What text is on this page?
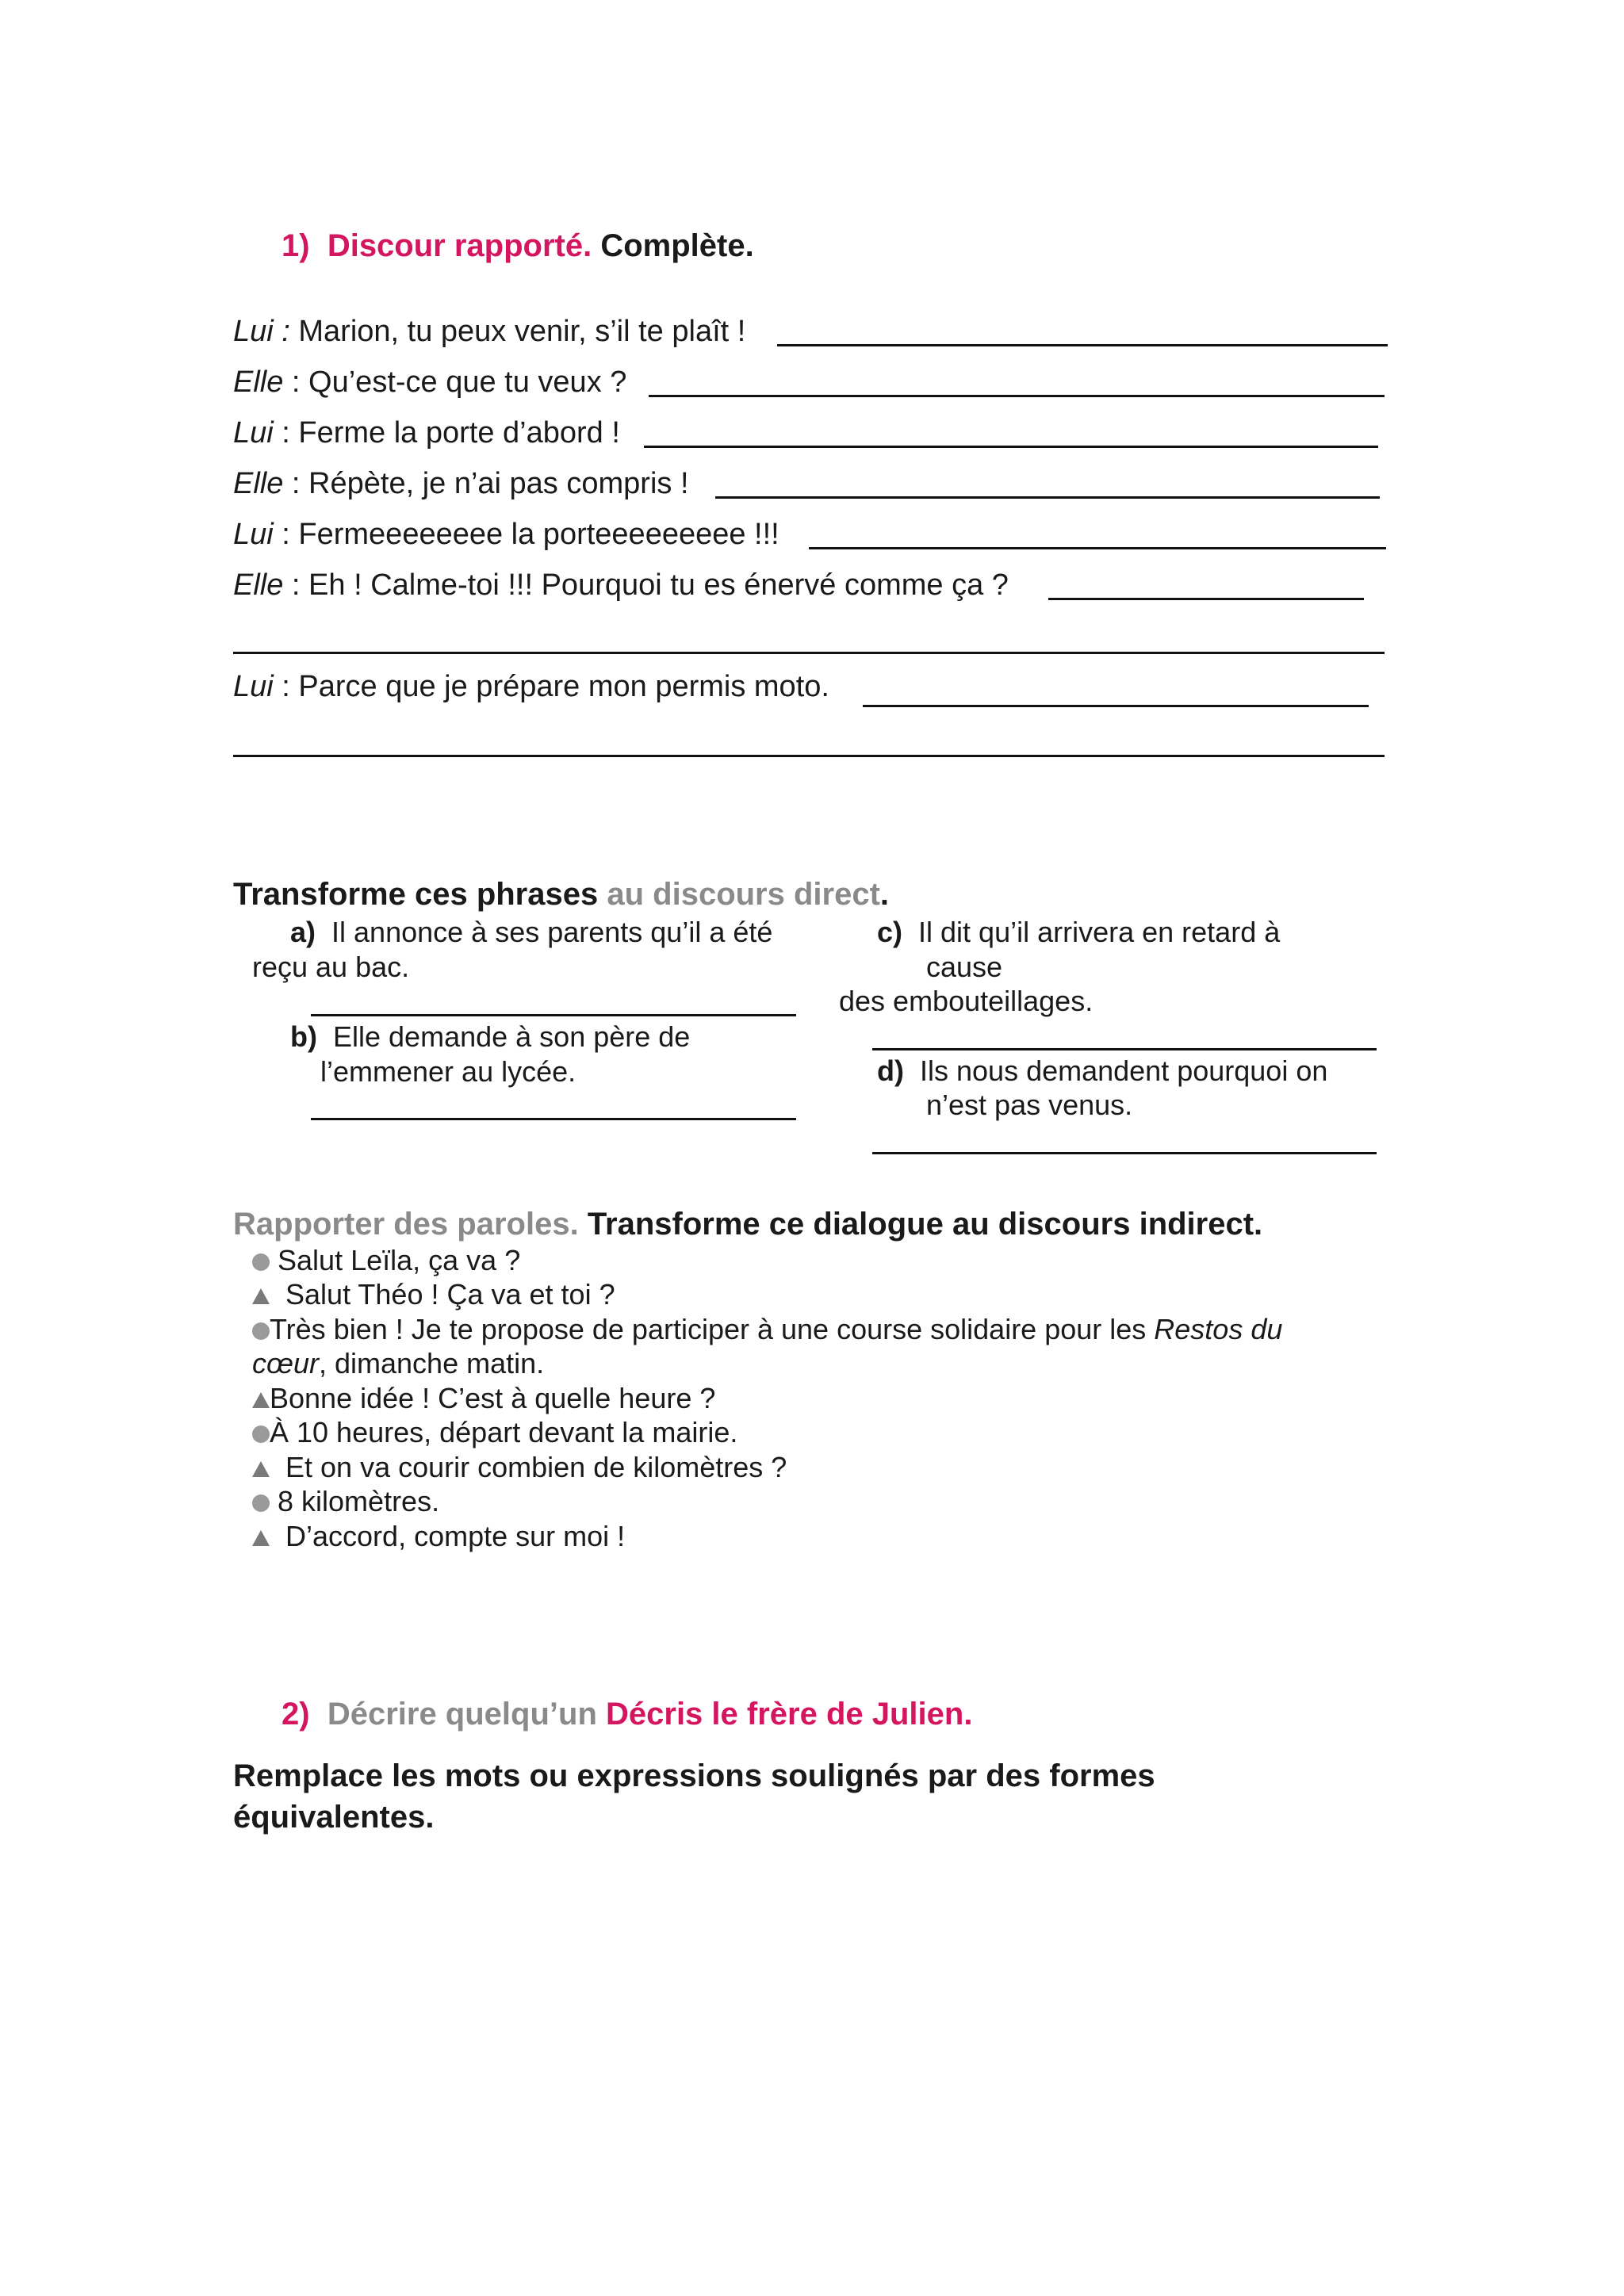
1) Discour rapporté. Complète.
Lui : Marion, tu peux venir, s’il te plaît !
Elle : Qu’est-ce que tu veux ?
Lui : Ferme la porte d’abord !
Elle : Répète, je n’ai pas compris !
Lui : Fermeeeeeeee la porteeeeeeeee !!!
Elle : Eh ! Calme-toi !!! Pourquoi tu es énervé comme ça ?
Lui : Parce que je prépare mon permis moto.
Transforme ces phrases au discours direct.
a) Il annonce à ses parents qu’il a été
reçu au bac.
b) Elle demande à son père de
l’emmener au lycée.
c) Il dit qu’il arrivera en retard à
cause
des embouteillages.
d) Ils nous demandent pourquoi on
n’est pas venus.
Rapporter des paroles. Transforme ce dialogue au discours indirect.
Salut Leïla, ça va ?
Salut Théo ! Ça va et toi ?
Très bien ! Je te propose de participer à une course solidaire pour les Restos du
cœur, dimanche matin.
Bonne idée ! C’est à quelle heure ?
À 10 heures, départ devant la mairie.
Et on va courir combien de kilomètres ?
8 kilomètres.
D’accord, compte sur moi !
2) Décrire quelqu’un Décris le frère de Julien.
Remplace les mots ou expressions soulignés par des formes
équivalentes.
